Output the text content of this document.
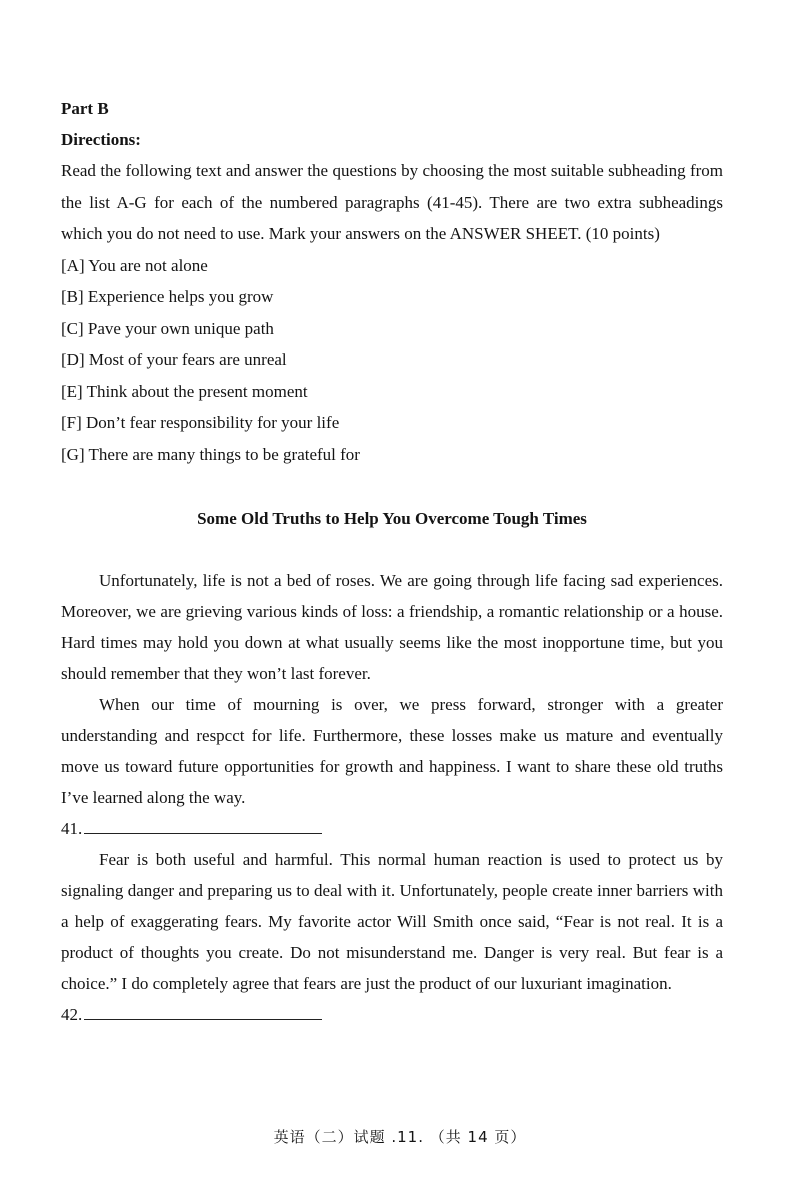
Part B

Directions:

Read the following text and answer the questions by choosing the most suitable subheading from the list A-G for each of the numbered paragraphs (41-45). There are two extra subheadings which you do not need to use. Mark your answers on the ANSWER SHEET. (10 points)

[A] You are not alone
[B] Experience helps you grow
[C] Pave your own unique path
[D] Most of your fears are unreal
[E] Think about the present moment
[F] Don’t fear responsibility for your life
[G] There are many things to be grateful for

Some Old Truths to Help You Overcome Tough Times

Unfortunately, life is not a bed of roses. We are going through life facing sad experiences. Moreover, we are grieving various kinds of loss: a friendship, a romantic relationship or a house. Hard times may hold you down at what usually seems like the most inopportune time, but you should remember that they won’t last forever.

When our time of mourning is over, we press forward, stronger with a greater understanding and respcct for life. Furthermore, these losses make us mature and eventually move us toward future opportunities for growth and happiness. I want to share these old truths I’ve learned along the way.

41.

Fear is both useful and harmful. This normal human reaction is used to protect us by signaling danger and preparing us to deal with it. Unfortunately, people create inner barriers with a help of exaggerating fears. My favorite actor Will Smith once said, “Fear is not real. It is a product of thoughts you create. Do not misunderstand me. Danger is very real. But fear is a choice.” I do completely agree that fears are just the product of our luxuriant imagination.

42.
英语（二）试题 .11. （共 14 页）
